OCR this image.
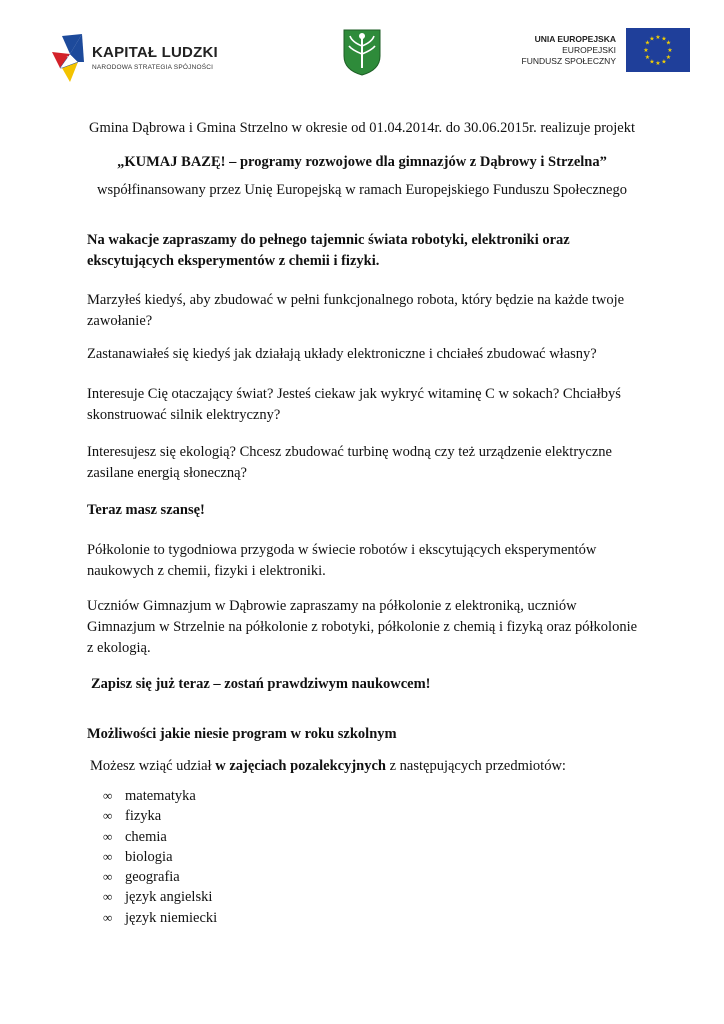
★ KAPITAŁ LUDZKI
NARODOWA STRATEGIA SPÓJNOŚCI
UNIA EUROPEJSKA
EUROPEJSKI
FUNDUSZ SPOŁECZNY
★ ★
★
★
★
★
★
★
★
★
★
★
Gmina Dąbrowa i Gmina Strzelno w okresie od 01.04.2014r. do 30.06.2015r. realizuje projekt
„KUMAJ BAZĘ! – programy rozwojowe dla gimnazjów z Dąbrowy i Strzelna”
współfinansowany przez Unię Europejską w ramach Europejskiego Funduszu Społecznego
Na wakacje zapraszamy do pełnego tajemnic świata robotyki, elektroniki oraz ekscytujących eksperymentów z chemii i fizyki.
Marzyłeś kiedyś, aby zbudować w pełni funkcjonalnego robota, który będzie na każde twoje zawołanie?
Zastanawiałeś się kiedyś jak działają układy elektroniczne i chciałeś zbudować własny?
Interesuje Cię otaczający świat? Jesteś ciekaw jak wykryć witaminę C w sokach? Chciałbyś skonstruować silnik elektryczny?
Interesujesz się ekologią? Chcesz zbudować turbinę wodną czy też urządzenie elektryczne zasilane energią słoneczną?
Teraz masz szansę!
Półkolonie to tygodniowa przygoda w świecie robotów i ekscytujących eksperymentów naukowych z chemii, fizyki i elektroniki.
Uczniów Gimnazjum w Dąbrowie zapraszamy na półkolonie z elektroniką, uczniów Gimnazjum w Strzelnie na półkolonie z robotyki, półkolonie z chemią i fizyką oraz półkolonie z ekologią.
Zapisz się już teraz – zostań prawdziwym naukowcem!
Możliwości jakie niesie program w roku szkolnym
Możesz wziąć udział w zajęciach pozalekcyjnych z następujących przedmiotów:
∞ matematyka
∞ fizyka
∞ chemia
∞ biologia
∞ geografia
∞ język angielski
∞ język niemiecki
